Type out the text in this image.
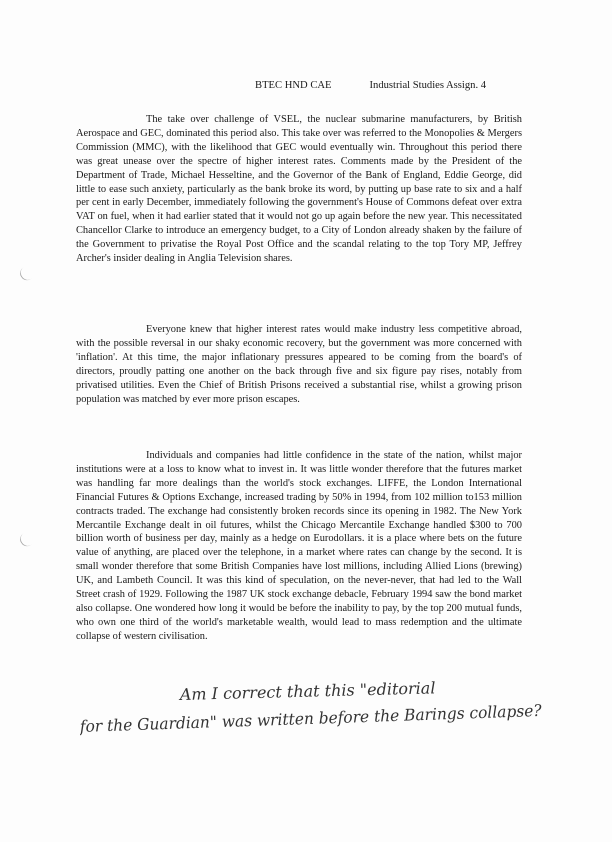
BTEC HND CAE	Industrial Studies Assign. 4
The take over challenge of VSEL, the nuclear submarine manufacturers, by British Aerospace and GEC, dominated this period also. This take over was referred to the Monopolies & Mergers Commission (MMC), with the likelihood that GEC would eventually win. Throughout this period there was great unease over the spectre of higher interest rates. Comments made by the President of the Department of Trade, Michael Hesseltine, and the Governor of the Bank of England, Eddie George, did little to ease such anxiety, particularly as the bank broke its word, by putting up base rate to six and a half per cent in early December, immediately following the government's House of Commons defeat over extra VAT on fuel, when it had earlier stated that it would not go up again before the new year. This necessitated Chancellor Clarke to introduce an emergency budget, to a City of London already shaken by the failure of the Government to privatise the Royal Post Office and the scandal relating to the top Tory MP, Jeffrey Archer's insider dealing in Anglia Television shares.
Everyone knew that higher interest rates would make industry less competitive abroad, with the possible reversal in our shaky economic recovery, but the government was more concerned with 'inflation'. At this time, the major inflationary pressures appeared to be coming from the board's of directors, proudly patting one another on the back through five and six figure pay rises, notably from privatised utilities. Even the Chief of British Prisons received a substantial rise, whilst a growing prison population was matched by ever more prison escapes.
Individuals and companies had little confidence in the state of the nation, whilst major institutions were at a loss to know what to invest in. It was little wonder therefore that the futures market was handling far more dealings than the world's stock exchanges. LIFFE, the London International Financial Futures & Options Exchange, increased trading by 50% in 1994, from 102 million to153 million contracts traded. The exchange had consistently broken records since its opening in 1982. The New York Mercantile Exchange dealt in oil futures, whilst the Chicago Mercantile Exchange handled $300 to 700 billion worth of business per day, mainly as a hedge on Eurodollars. it is a place where bets on the future value of anything, are placed over the telephone, in a market where rates can change by the second. It is small wonder therefore that some British Companies have lost millions, including Allied Lions (brewing) UK, and Lambeth Council. It was this kind of speculation, on the never-never, that had led to the Wall Street crash of 1929. Following the 1987 UK stock exchange debacle, February 1994 saw the bond market also collapse. One wondered how long it would be before the inability to pay, by the top 200 mutual funds, who own one third of the world's marketable wealth, would lead to mass redemption and the ultimate collapse of western civilisation.
Am I correct that this "editorial
for the Guardian" was written before the Barings collapse?
